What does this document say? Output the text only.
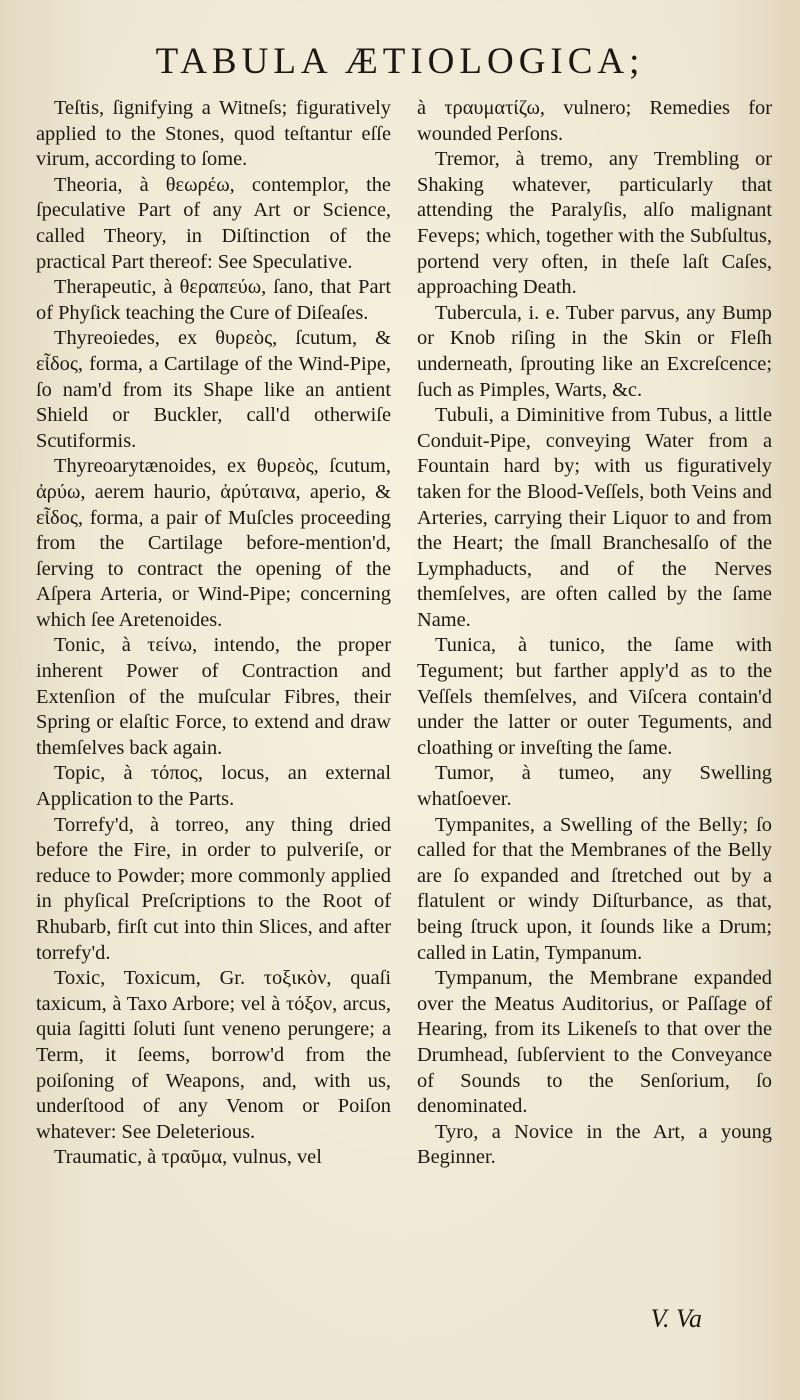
TABULA ÆTIOLOGICA;

Teſtis, ſignifying a Witneſs; figuratively applied to the Stones, quod teſtantur eſſe virum, according to ſome.

Theoria, à θεωρέω, contemplor, the ſpeculative Part of any Art or Science, called Theory, in Diſtinction of the practical Part thereof: See Speculative.

Therapeutic, à θεραπεύω, ſano, that Part of Phyſick teaching the Cure of Diſeaſes.

Thyreoiedes, ex θυρεὸς, ſcutum, & εἶδος, forma, a Cartilage of the Wind-Pipe, ſo nam'd from its Shape like an antient Shield or Buckler, call'd otherwiſe Scutiformis.

Thyreoarytænoides, ex θυρεὸς, ſcutum, ἀρύω, aerem haurio, ἀρύταινα, aperio, & εἶδος, forma, a pair of Muſcles proceeding from the Cartilage before-mention'd, ſerving to contract the opening of the Aſpera Arteria, or Wind-Pipe; concerning which ſee Aretenoides.

Tonic, à τείνω, intendo, the proper inherent Power of Contraction and Extenſion of the muſcular Fibres, their Spring or elaſtic Force, to extend and draw themſelves back again.

Topic, à τόπος, locus, an external Application to the Parts.

Torrefy'd, à torreo, any thing dried before the Fire, in order to pulveriſe, or reduce to Powder; more commonly applied in phyſical Preſcriptions to the Root of Rhubarb, firſt cut into thin Slices, and after torrefy'd.

Toxic, Toxicum, Gr. τοξικὸν, quaſi taxicum, à Taxo Arbore; vel à τόξον, arcus, quia ſagitti ſoluti ſunt veneno perungere; a Term, it ſeems, borrow'd from the poiſoning of Weapons, and, with us, underſtood of any Venom or Poiſon whatever: See Deleterious.

Traumatic, à τραῦμα, vulnus, vel

à τραυματίζω, vulnero; Remedies for wounded Perſons.

Tremor, à tremo, any Trembling or Shaking whatever, particularly that attending the Paralyſis, alſo malignant Feveрs; which, together with the Subſultus, portend very often, in theſe laſt Caſes, approaching Death.

Tubercula, i. e. Tuber parvus, any Bump or Knob riſing in the Skin or Fleſh underneath, ſprouting like an Excreſcence; ſuch as Pimples, Warts, &c.

Tubuli, a Diminitive from Tubus, a little Conduit-Pipe, conveying Water from a Fountain hard by; with us figuratively taken for the Blood-Veſſels, both Veins and Arteries, carrying their Liquor to and from the Heart; the ſmall Branchesalſo of the Lymphaducts, and of the Nerves themſelves, are often called by the ſame Name.

Tunica, à tunico, the ſame with Tegument; but farther apply'd as to the Veſſels themſelves, and Viſcera contain'd under the latter or outer Teguments, and cloathing or inveſting the ſame.

Tumor, à tumeo, any Swelling whatſoever.

Tympanites, a Swelling of the Belly; ſo called for that the Membranes of the Belly are ſo expanded and ſtretched out by a flatulent or windy Diſturbance, as that, being ſtruck upon, it ſounds like a Drum; called in Latin, Tympanum.

Tympanum, the Membrane expanded over the Meatus Auditorius, or Paſſage of Hearing, from its Likeneſs to that over the Drumhead, ſubſervient to the Conveyance of Sounds to the Senſorium, ſo denominated.

Tyro, a Novice in the Art, a young Beginner.

V. Va
